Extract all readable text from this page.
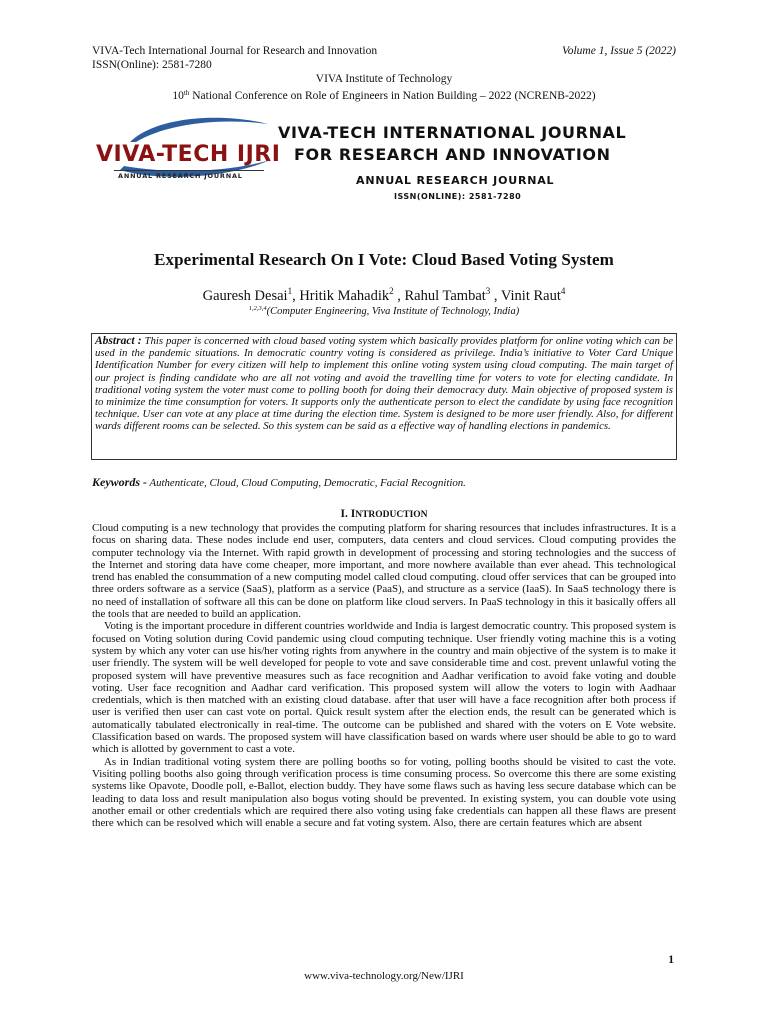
VIVA-Tech International Journal for Research and Innovation
ISSN(Online): 2581-7280
Volume 1, Issue 5 (2022)
VIVA Institute of Technology
10th National Conference on Role of Engineers in Nation Building – 2022 (NCRENB-2022)
VIVA-TECH IJRI
ANNUAL RESEARCH JOURNAL
VIVA-TECH INTERNATIONAL JOURNAL
FOR RESEARCH AND INNOVATION
ANNUAL RESEARCH JOURNAL
ISSN(ONLINE): 2581-7280
Experimental Research On I Vote: Cloud Based Voting System
Gauresh Desai$^1$, Hritik Mahadik$^2$ , Rahul Tambat$^3$ , Vinit Raut$^4$
$^{1,2,3,4}$(Computer Engineering, Viva Institute of Technology, India)
Abstract : This paper is concerned with cloud based voting system which basically provides platform for online voting which can be used in the pandemic situations. In democratic country voting is considered as privilege. India’s initiative to Voter Card Unique Identification Number for every citizen will help to implement this online voting system using cloud computing. The main target of our project is finding candidate who are all not voting and avoid the travelling time for voters to vote for electing candidate. In traditional voting system the voter must come to polling booth for doing their democracy duty. Main objective of proposed system is to minimize the time consumption for voters. It supports only the authenticate person to elect the candidate by using face recognition technique. User can vote at any place at time during the election time. System is designed to be more user friendly. Also, for different wards different rooms can be selected. So this system can be said as a effective way of handling elections in pandemics.
Keywords - Authenticate, Cloud, Cloud Computing, Democratic, Facial Recognition.
I. INTRODUCTION

Cloud computing is a new technology that provides the computing platform for sharing resources that includes infrastructures. It is a focus on sharing data. These nodes include end user, computers, data centers and cloud services. Cloud computing provides the computer technology via the Internet. With rapid growth in development of processing and storing technologies and the success of the Internet and storing data have come cheaper, more important, and more nowhere available than ever ahead. This technological trend has enabled the consummation of a new computing model called cloud computing. cloud offer services that can be grouped into three orders software as a service (SaaS), platform as a service (PaaS), and structure as a service (IaaS). In SaaS technology there is no need of installation of software all this can be done on platform like cloud servers. In PaaS technology in this it basically offers all the tools that are needed to build an application.

Voting is the important procedure in different countries worldwide and India is largest democratic country. This proposed system is focused on Voting solution during Covid pandemic using cloud computing technique. User friendly voting machine this is a voting system by which any voter can use his/her voting rights from anywhere in the country and main objective of the system is to make it user friendly. The system will be well developed for people to vote and save considerable time and cost. prevent unlawful voting the proposed system will have preventive measures such as face recognition and Aadhar verification to avoid fake voting and double voting. User face recognition and Aadhar card verification. This proposed system will allow the voters to login with Aadhaar credentials, which is then matched with an existing cloud database. after that user will have a face recognition after both process if user is verified then user can cast vote on portal. Quick result system after the election ends, the result can be generated which is automatically tabulated electronically in real-time. The outcome can be published and shared with the voters on E Vote website. Classification based on wards. The proposed system will have classification based on wards where user should be able to go to ward which is allotted by government to cast a vote.

As in Indian traditional voting system there are polling booths so for voting, polling booths should be visited to cast the vote. Visiting polling booths also going through verification process is time consuming process. So overcome this there are some existing systems like Opavote, Doodle poll, e-Ballot, election buddy. They have some flaws such as having less secure database which can be leading to data loss and result manipulation also bogus voting should be prevented. In existing system, you can double vote using another email or other credentials which are required there also voting using fake credentials can happen all these flaws are present there which can be resolved which will enable a secure and fat voting system. Also, there are certain features which are absent

1
www.viva-technology.org/New/IJRI
